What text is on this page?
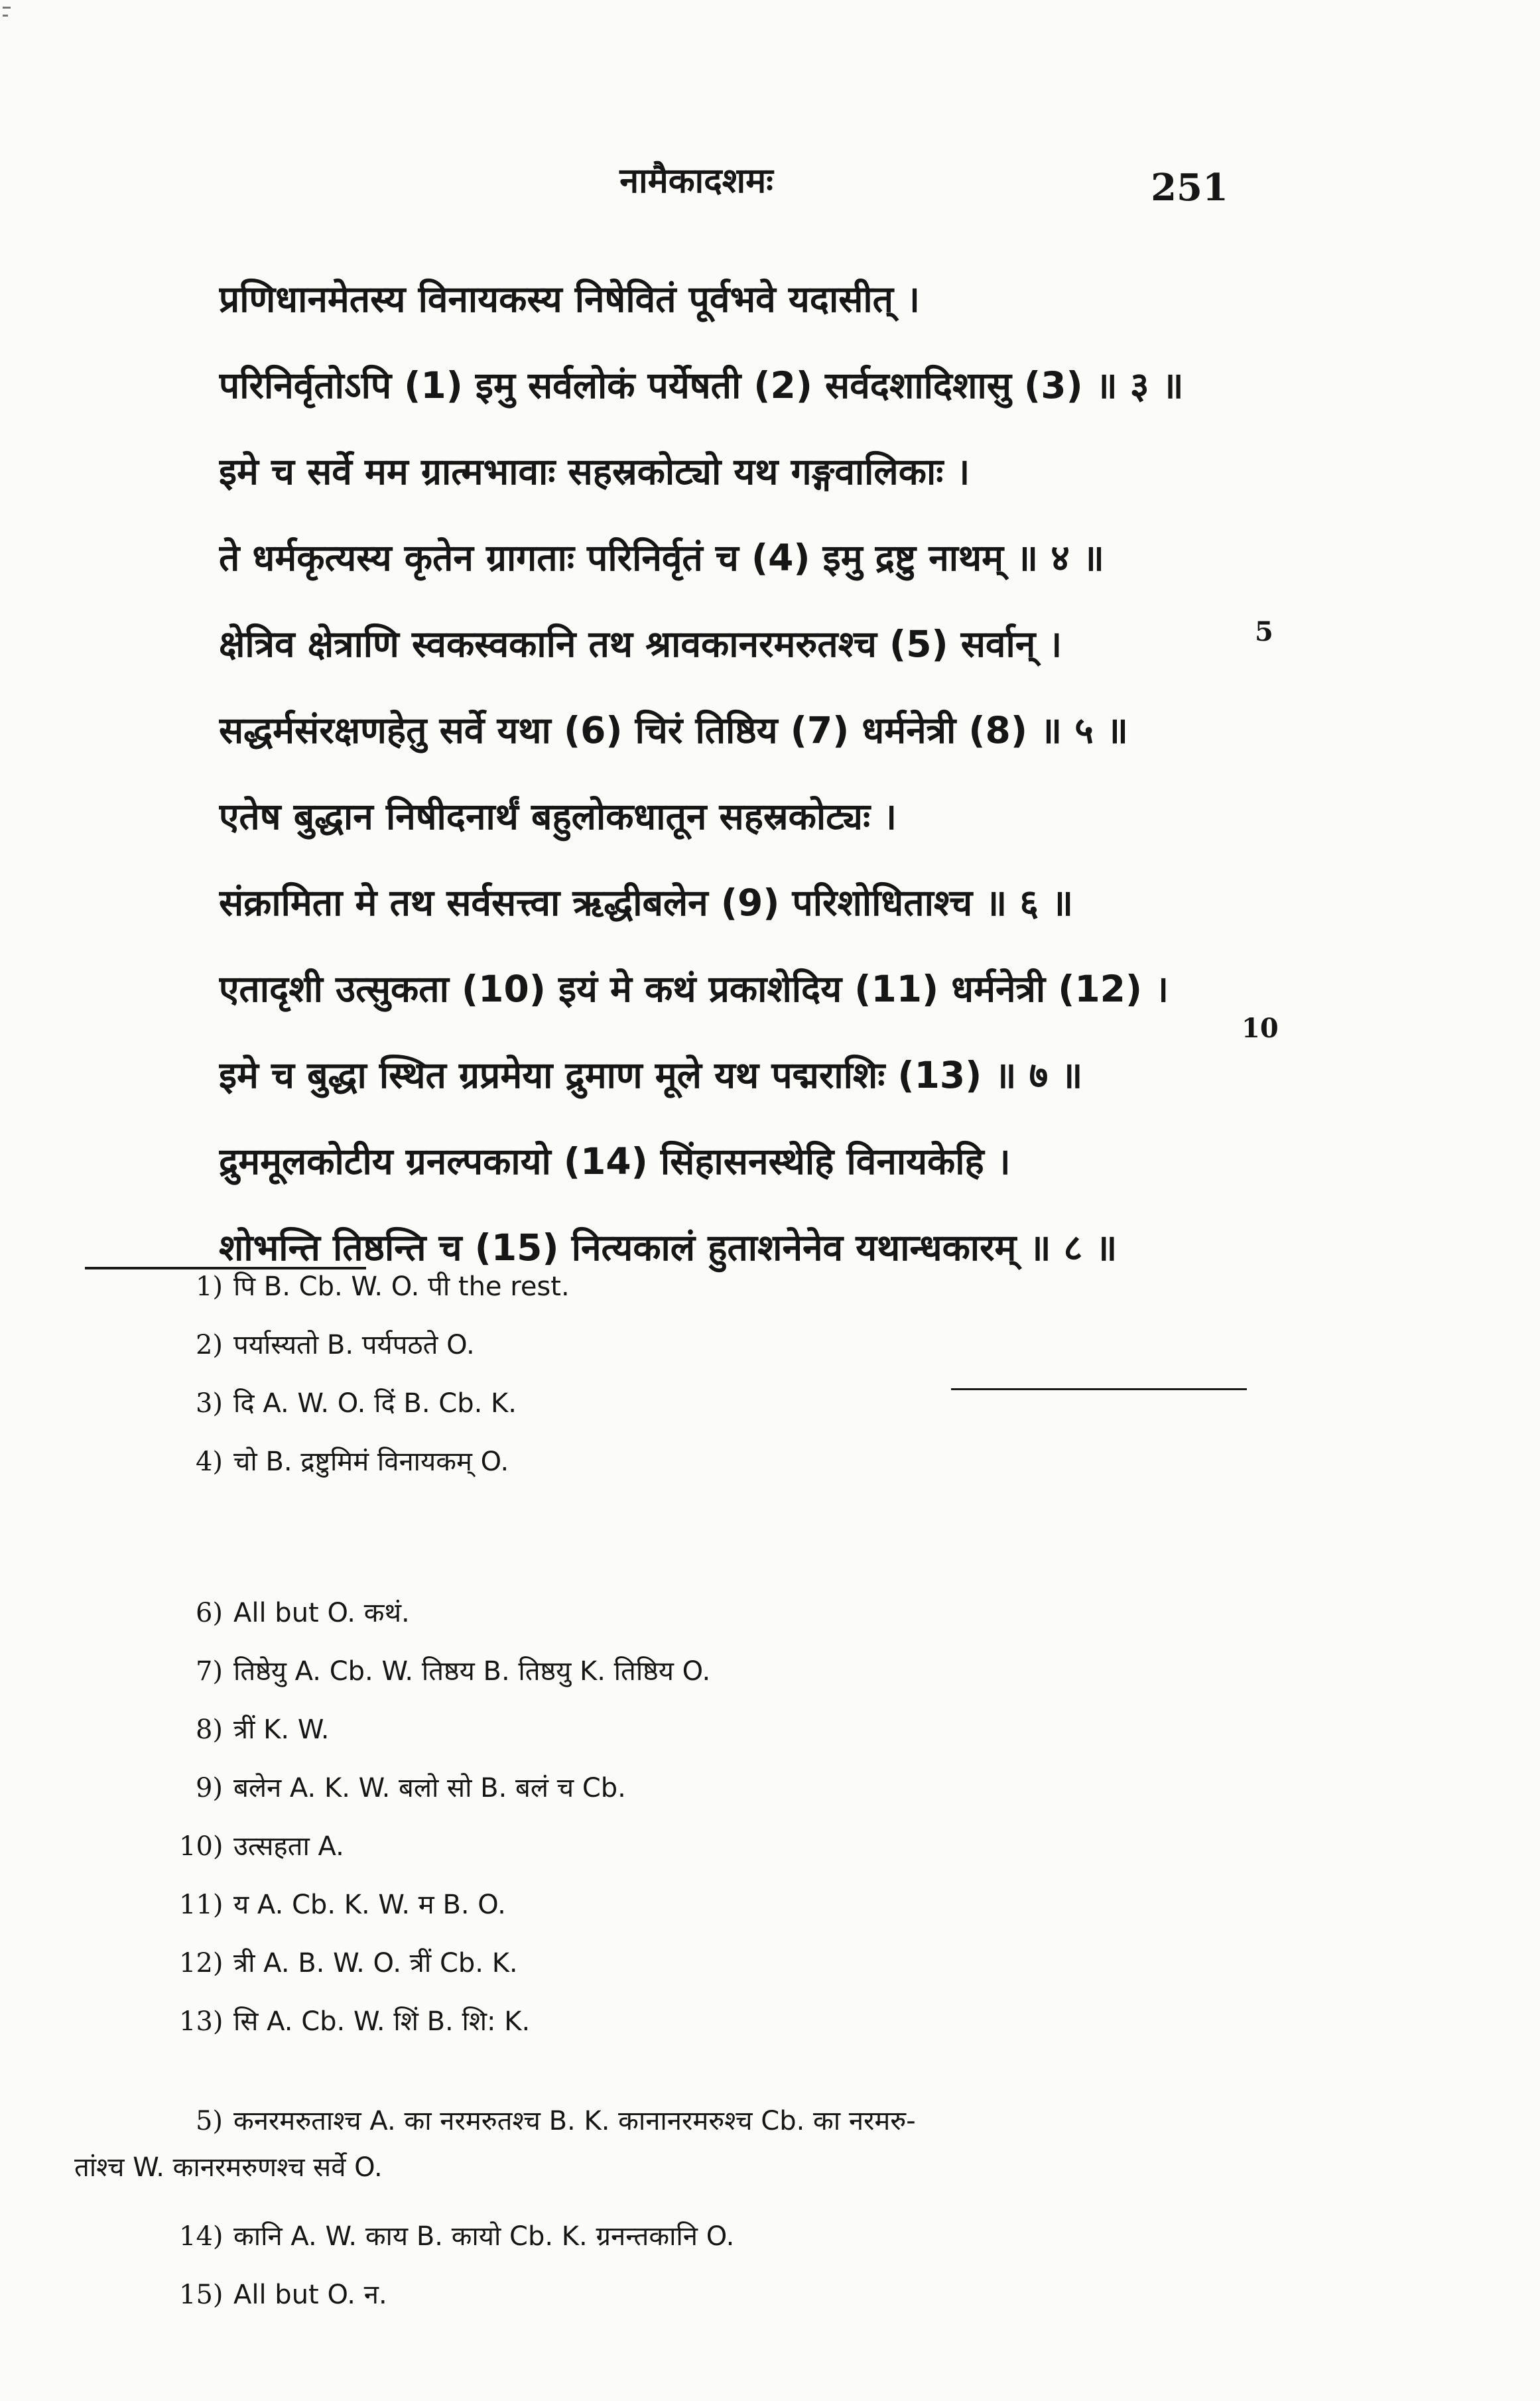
नामैकादशमः	251
प्रणिधानमेतस्य विनायकस्य निषेवितं पूर्वभवे यदासीत् ।
परिनिर्वृतोऽपि (1) इमु सर्वलोकं पर्येषती (2) सर्वदशादिशासु (3) ॥ ३ ॥
इमे च सर्वे मम ग्रात्मभावाः सहस्रकोट्यो यथ गङ्गवालिकाः ।
ते धर्मकृत्यस्य कृतेन ग्रागताः परिनिर्वृतं च (4) इमु द्रष्टु नाथम् ॥ ४ ॥
क्षेत्रिव क्षेत्राणि स्वकस्वकानि तथ श्रावकानरमरुतश्च (5) सर्वान् ।
सद्धर्मसंरक्षणहेतु सर्वे यथा (6) चिरं तिष्ठिय (7) धर्मनेत्री (8) ॥ ५ ॥
एतेष बुद्धान निषीदनार्थं बहुलोकधातून सहस्रकोट्यः ।
संक्रामिता मे तथ सर्वसत्त्वा ऋद्धीबलेन (9) परिशोधिताश्च ॥ ६ ॥
एतादृशी उत्सुकता (10) इयं मे कथं प्रकाशेदिय (11) धर्मनेत्री (12) ।
इमे च बुद्धा स्थित ग्रप्रमेया द्रुमाण मूले यथ पद्मराशिः (13) ॥ ७ ॥
द्रुममूलकोटीय ग्रनल्पकायो (14) सिंहासनस्थेहि विनायकेहि ।
शोभन्ति तिष्ठन्ति च (15) नित्यकालं हुताशनेनेव यथान्धकारम् ॥ ८ ॥
5
10
1) पि B. Cb. W. O. पी the rest.
2) पर्यास्यतो B. पर्यपठते O.
3) दि A. W. O. दिं B. Cb. K.
4) चो B. द्रष्टुमिमं विनायकम् O.
5) कनरमरुताश्च A. का नरमरुतश्च B. K. कानानरमरुश्च Cb. का नरमरु-
तांश्च W. कानरमरुणश्च सर्वे O.
6) All but O. कथं.
7) तिष्ठेयु A. Cb. W. तिष्ठय B. तिष्ठयु K. तिष्ठिय O.
8) त्रीं K. W.
9) बलेन A. K. W. बलो सो B. बलं च Cb.
10) उत्सहता A.
11) य A. Cb. K. W. म B. O.
12) त्री A. B. W. O. त्रीं Cb. K.
13) सि A. Cb. W. शिं B. शि: K.
14) कानि A. W. काय B. कायो Cb. K. ग्रनन्तकानि O.
15) All but O. न.
